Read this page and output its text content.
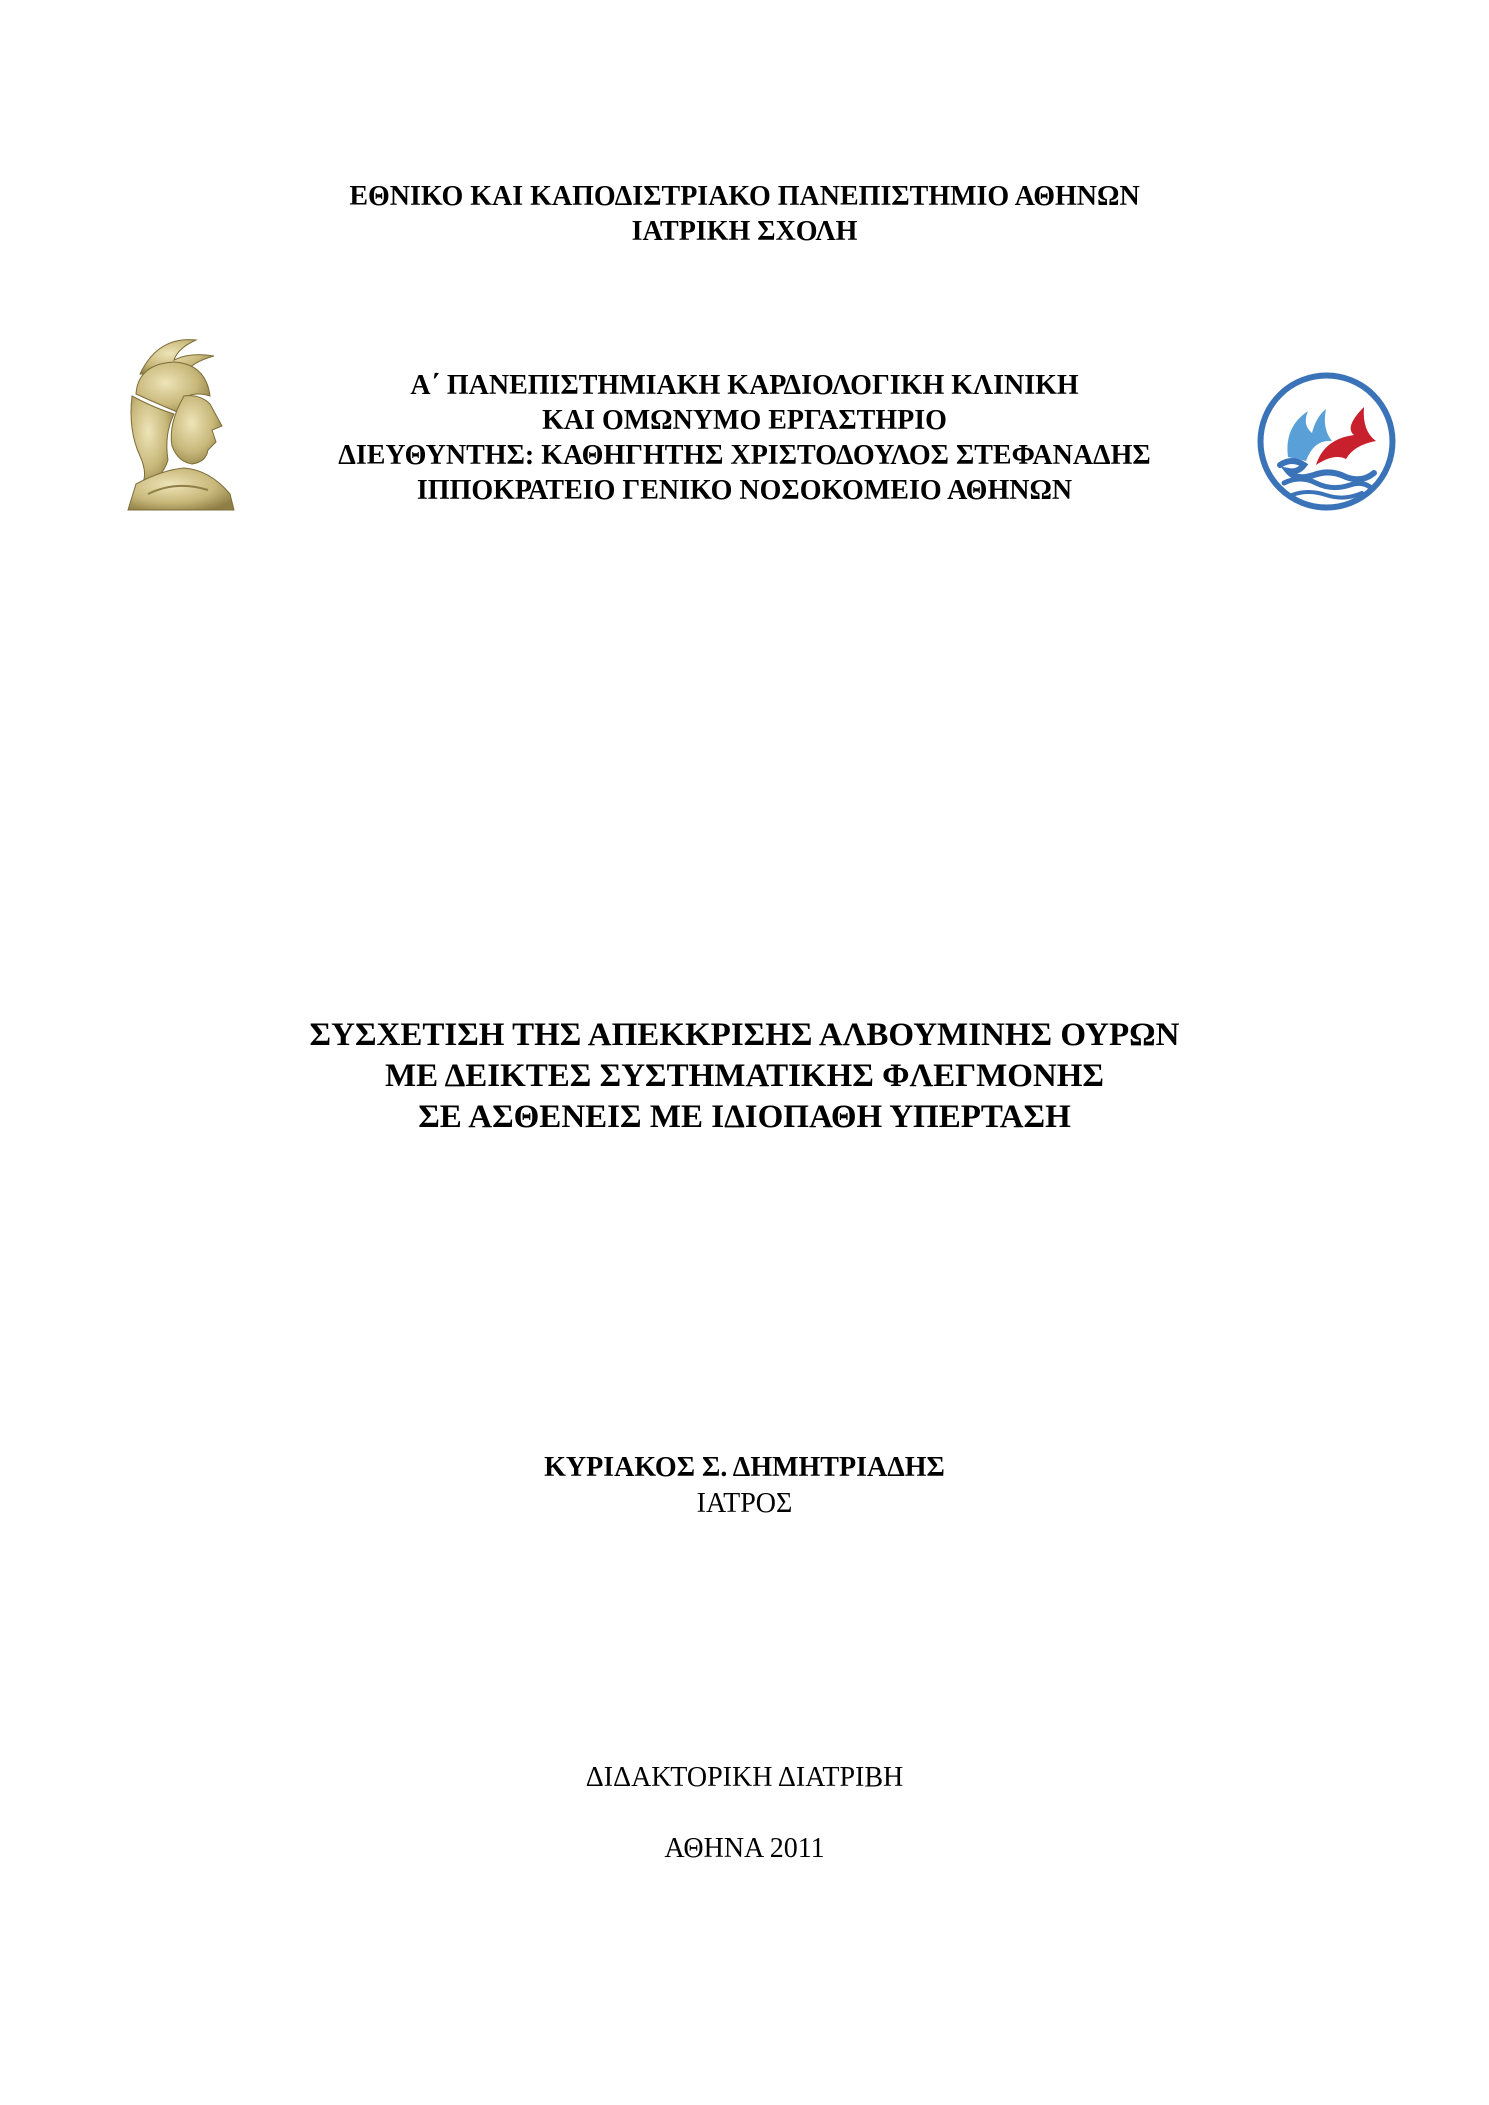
ΕΘΝΙΚΟ ΚΑΙ ΚΑΠΟΔΙΣΤΡΙΑΚΟ ΠΑΝΕΠΙΣΤΗΜΙΟ ΑΘΗΝΩΝ
ΙΑΤΡΙΚΗ ΣΧΟΛΗ
Α΄ ΠΑΝΕΠΙΣΤΗΜΙΑΚΗ ΚΑΡΔΙΟΛΟΓΙΚΗ ΚΛΙΝΙΚΗ
ΚΑΙ ΟΜΩΝΥΜΟ ΕΡΓΑΣΤΗΡΙΟ
ΔΙΕΥΘΥΝΤΗΣ: ΚΑΘΗΓΗΤΗΣ ΧΡΙΣΤΟΔΟΥΛΟΣ ΣΤΕΦΑΝΑΔΗΣ
ΙΠΠΟΚΡΑΤΕΙΟ ΓΕΝΙΚΟ ΝΟΣΟΚΟΜΕΙΟ ΑΘΗΝΩΝ
ΣΥΣΧΕΤΙΣΗ ΤΗΣ ΑΠΕΚΚΡΙΣΗΣ ΑΛΒΟΥΜΙΝΗΣ ΟΥΡΩΝ
ΜΕ ΔΕΙΚΤΕΣ ΣΥΣΤΗΜΑΤΙΚΗΣ ΦΛΕΓΜΟΝΗΣ
ΣΕ ΑΣΘΕΝΕΙΣ ΜΕ ΙΔΙΟΠΑΘΗ ΥΠΕΡΤΑΣΗ
ΚΥΡΙΑΚΟΣ Σ. ΔΗΜΗΤΡΙΑΔΗΣ
ΙΑΤΡΟΣ
ΔΙΔΑΚΤΟΡΙΚΗ ΔΙΑΤΡΙΒΗ
ΑΘΗΝΑ 2011
